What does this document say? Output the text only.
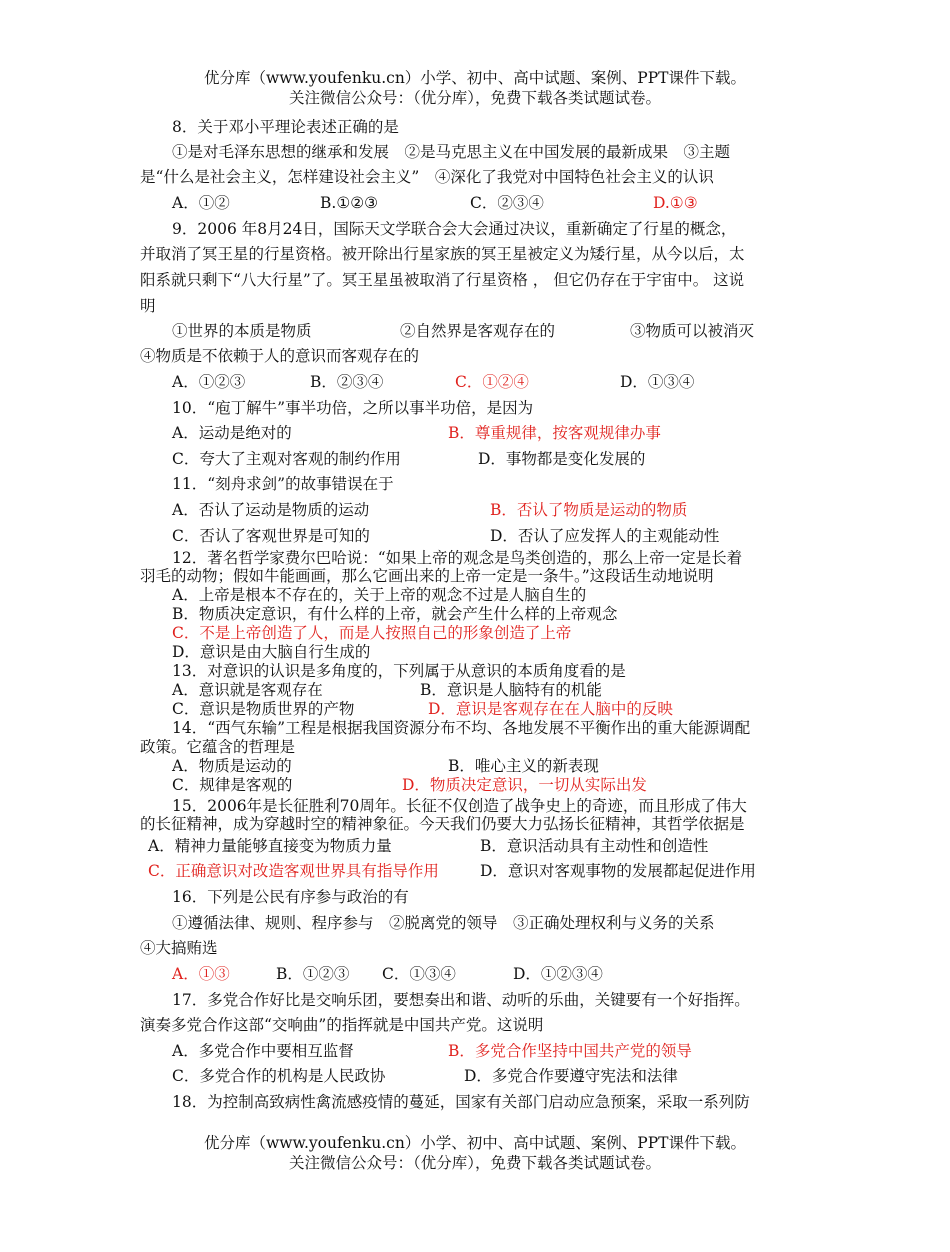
优分库（www.youfenku.cn）小学、初中、高中试题、案例、PPT课件下载。
关注微信公众号：（优分库），免费下载各类试题试卷。
8．关于邓小平理论表述正确的是
①是对毛泽东思想的继承和发展　②是马克思主义在中国发展的最新成果　③主题
是“什么是社会主义，怎样建设社会主义”　④深化了我党对中国特色社会主义的认识
A．①②	B.①②③	C．②③④	D.①③
9．2006 年8月24日，国际天文学联合会大会通过决议，重新确定了行星的概念，
并取消了冥王星的行星资格。被开除出行星家族的冥王星被定义为矮行星，从今以后，太
阳系就只剩下“八大行星”了。冥王星虽被取消了行星资格 ， 但它仍存在于宇宙中。 这说
明
①世界的本质是物质	②自然界是客观存在的	③物质可以被消灭
④物质是不依赖于人的意识而客观存在的
A．①②③	B．②③④	C．①②④	D．①③④
10．“庖丁解牛”事半功倍，之所以事半功倍，是因为
A．运动是绝对的	B．尊重规律，按客观规律办事
C．夸大了主观对客观的制约作用	D．事物都是变化发展的
11．“刻舟求剑”的故事错误在于
A．否认了运动是物质的运动	B．否认了物质是运动的物质
C．否认了客观世界是可知的	D．否认了应发挥人的主观能动性
12．著名哲学家费尔巴哈说：“如果上帝的观念是鸟类创造的，那么上帝一定是长着
羽毛的动物；假如牛能画画，那么它画出来的上帝一定是一条牛。”这段话生动地说明
A．上帝是根本不存在的，关于上帝的观念不过是人脑自生的
B．物质决定意识，有什么样的上帝，就会产生什么样的上帝观念
C．不是上帝创造了人，而是人按照自己的形象创造了上帝
D．意识是由大脑自行生成的
13．对意识的认识是多角度的，下列属于从意识的本质角度看的是
A．意识就是客观存在	B．意识是人脑特有的机能
C．意识是物质世界的产物	D．意识是客观存在在人脑中的反映
14．“西气东输”工程是根据我国资源分布不均、各地发展不平衡作出的重大能源调配
政策。它蕴含的哲理是
A．物质是运动的	B．唯心主义的新表现
C．规律是客观的	D．物质决定意识，一切从实际出发
15．2006年是长征胜利70周年。长征不仅创造了战争史上的奇迹，而且形成了伟大
的长征精神，成为穿越时空的精神象征。今天我们仍要大力弘扬长征精神，其哲学依据是
A．精神力量能够直接变为物质力量	B．意识活动具有主动性和创造性
C．正确意识对改造客观世界具有指导作用	D．意识对客观事物的发展都起促进作用
16．下列是公民有序参与政治的有
①遵循法律、规则、程序参与　②脱离党的领导　③正确处理权利与义务的关系
④大搞贿选
A．①③	B．①②③ C．①③④	D．①②③④
17．多党合作好比是交响乐团，要想奏出和谐、动听的乐曲，关键要有一个好指挥。
演奏多党合作这部“交响曲”的指挥就是中国共产党。这说明
A．多党合作中要相互监督	B．多党合作坚持中国共产党的领导
C．多党合作的机构是人民政协	D．多党合作要遵守宪法和法律
18．为控制高致病性禽流感疫情的蔓延，国家有关部门启动应急预案，采取一系列防
优分库（www.youfenku.cn）小学、初中、高中试题、案例、PPT课件下载。
关注微信公众号：（优分库），免费下载各类试题试卷。
